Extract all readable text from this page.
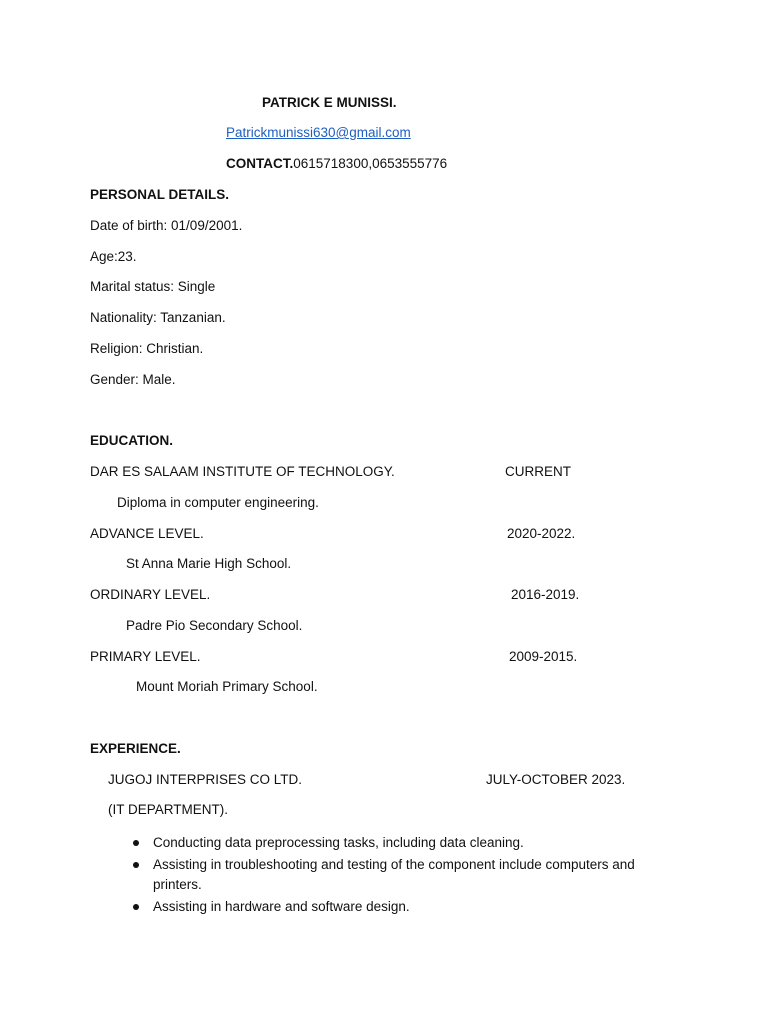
PATRICK E MUNISSI.
Patrickmunissi630@gmail.com
CONTACT.0615718300,0653555776
PERSONAL DETAILS.
Date of birth: 01/09/2001.
Age:23.
Marital status: Single
Nationality: Tanzanian.
Religion: Christian.
Gender: Male.
EDUCATION.
DAR ES SALAAM INSTITUTE OF TECHNOLOGY.	CURRENT
Diploma in computer engineering.
ADVANCE LEVEL.	2020-2022.
St Anna Marie High School.
ORDINARY LEVEL.	2016-2019.
Padre Pio Secondary School.
PRIMARY LEVEL.	2009-2015.
Mount Moriah Primary School.
EXPERIENCE.
JUGOJ INTERPRISES CO LTD.	JULY-OCTOBER 2023.
(IT DEPARTMENT).
Conducting data preprocessing tasks, including data cleaning.
Assisting in troubleshooting and testing of the component include computers and printers.
Assisting in hardware and software design.
